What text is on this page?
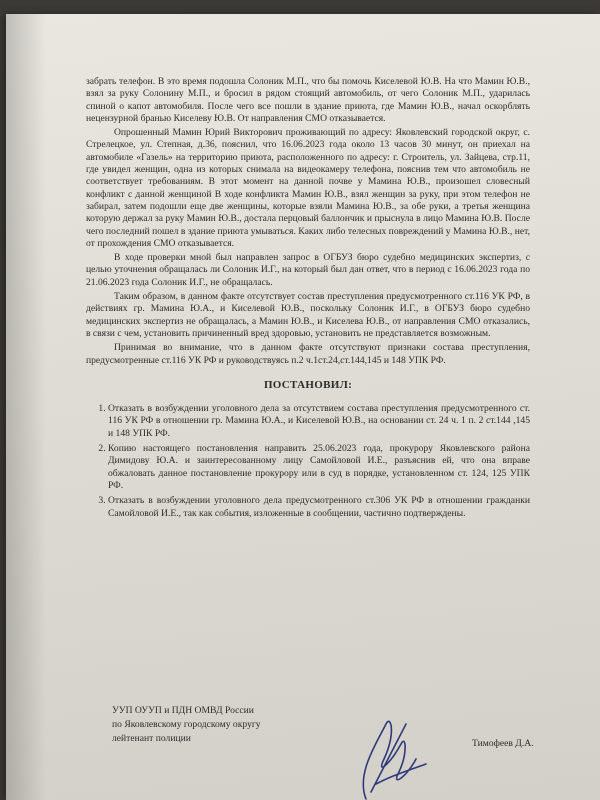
забрать телефон. В это время подошла Солоник М.П., что бы помочь Киселевой Ю.В. На что Мамин Ю.В., взял за руку Солонину М.П., и бросил в рядом стоящий автомобиль, от чего Солоник М.П., ударилась спиной о капот автомобиля. После чего все пошли в здание приюта, где Мамин Ю.В., начал оскорблять нецензурной бранью Киселеву Ю.В. От направления СМО отказывается.

Опрошенный Мамин Юрий Викторович проживающий по адресу: Яковлевский городской округ, с. Стрелецкое, ул. Степная, д.36, пояснил, что 16.06.2023 года около 13 часов 30 минут, он приехал на автомобиле «Газель» на территорию приюта, расположенного по адресу: г. Строитель, ул. Зайцева, стр.11, где увидел женщин, одна из которых снимала на видеокамеру телефона, пояснив тем что автомобиль не соответствует требованиям. В этот момент на данной почве у Мамина Ю.В., произошел словесный конфликт с данной женщиной В ходе конфликта Мамин Ю.В., взял женщин за руку, при этом телефон не забирал, затем подошли еще две женщины, которые взяли Мамина Ю.В., за обе руки, а третья женщина которую держал за руку Мамин Ю.В., достала перцовый баллончик и прыснула в лицо Мамина Ю.В. После чего последний пошел в здание приюта умываться. Каких либо телесных повреждений у Мамина Ю.В., нет, от прохождения СМО отказывается.

В ходе проверки мной был направлен запрос в ОГБУЗ бюро судебно медицинских экспертиз, с целью уточнения обращалась ли Солоник И.Г., на который был дан ответ, что в период с 16.06.2023 года по 21.06.2023 года Солоник И.Г., не обращалась.

Таким образом, в данном факте отсутствует состав преступления предусмотренного ст.116 УК РФ, в действиях гр. Мамина Ю.А., и Киселевой Ю.В., поскольку Солоник И.Г., в ОГБУЗ бюро судебно медицинских экспертиз не обращалась, а Мамин Ю.В., и Киселева Ю.В., от направления СМО отказались, в связи с чем, установить причиненный вред здоровью, установить не представляется возможным.

Принимая во внимание, что в данном факте отсутствуют признаки состава преступления, предусмотренные ст.116 УК РФ и руководствуясь п.2 ч.1ст.24,ст.144,145 и 148 УПК РФ.

ПОСТАНОВИЛ:
1. Отказать в возбуждении уголовного дела за отсутствием состава преступления предусмотренного ст. 116 УК РФ в отношении гр. Мамина Ю.А., и Киселевой Ю.В., на основании ст. 24 ч. 1 п. 2 ст.144 ,145 и 148 УПК РФ.
2. Копию настоящего постановления направить 25.06.2023 года, прокурору Яковлевского района Димидову Ю.А. и заинтересованному лицу Самойловой И.Е., разъяснив ей, что она вправе обжаловать данное постановление прокурору или в суд в порядке, установленном ст. 124, 125 УПК РФ.
3. Отказать в возбуждении уголовного дела предусмотренного ст.306 УК РФ в отношении гражданки Самойловой И.Е., так как события, изложенные в сообщении, частично подтверждены.
УУП ОУУП и ПДН ОМВД России
по Яковлевскому городскому округу
лейтенант полиции	Тимофеев Д.А.
